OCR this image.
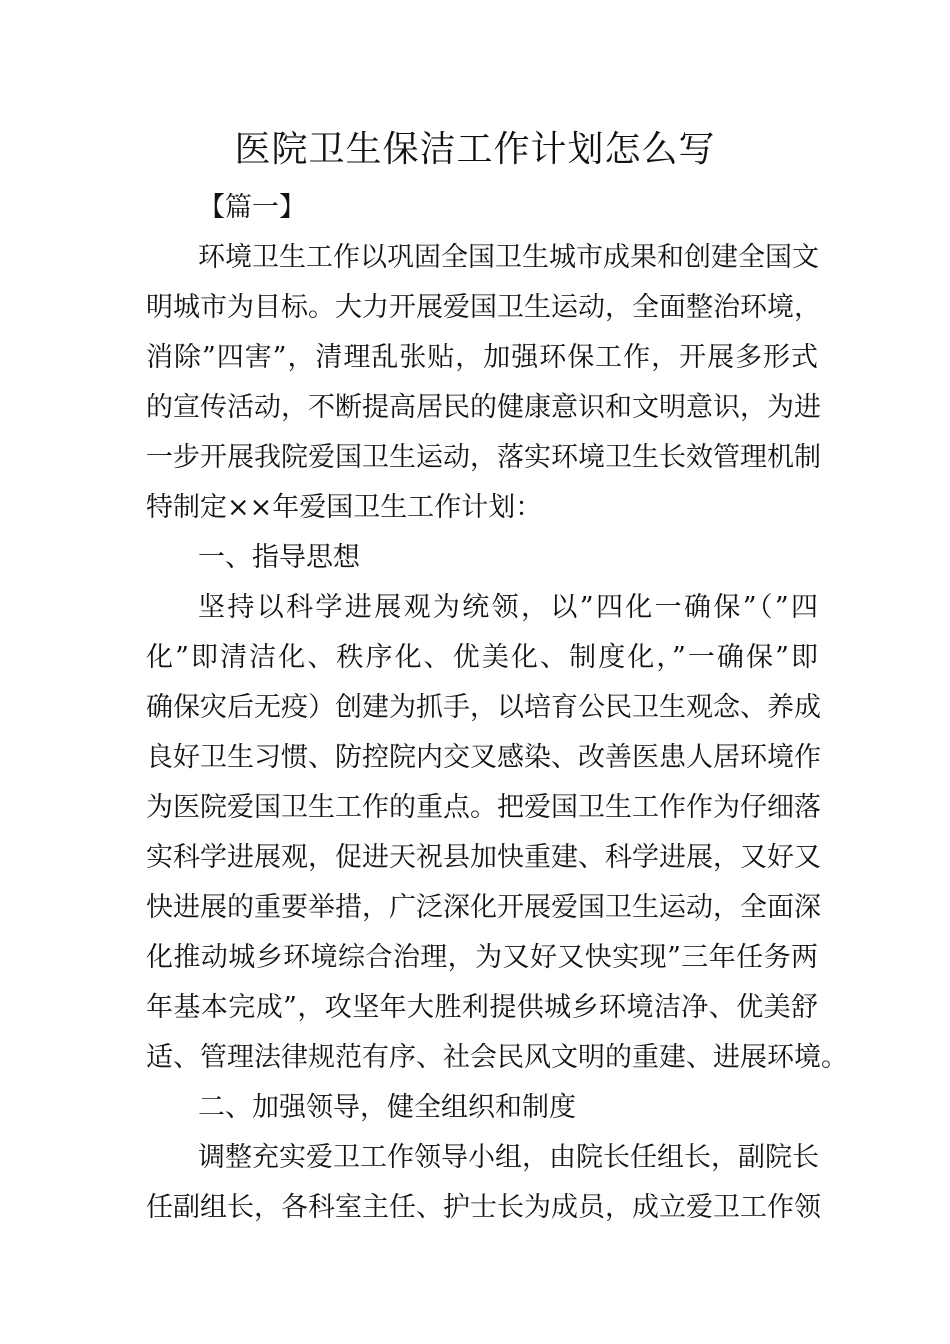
医院卫生保洁工作计划怎么写
【篇一】
环境卫生工作以巩固全国卫生城市成果和创建全国文
明城市为目标。大力开展爱国卫生运动，全面整治环境，
消除”四害”，清理乱张贴，加强环保工作，开展多形式
的宣传活动，不断提高居民的健康意识和文明意识，为进
一步开展我院爱国卫生运动，落实环境卫生长效管理机制
特制定××年爱国卫生工作计划：
一、指导思想
坚持以科学进展观为统领，以”四化一确保”（”四
化”即清洁化、秩序化、优美化、制度化，”一确保”即
确保灾后无疫）创建为抓手，以培育公民卫生观念、养成
良好卫生习惯、防控院内交叉感染、改善医患人居环境作
为医院爱国卫生工作的重点。把爱国卫生工作作为仔细落
实科学进展观，促进天祝县加快重建、科学进展，又好又
快进展的重要举措，广泛深化开展爱国卫生运动，全面深
化推动城乡环境综合治理，为又好又快实现”三年任务两
年基本完成”，攻坚年大胜利提供城乡环境洁净、优美舒
适、管理法律规范有序、社会民风文明的重建、进展环境。
二、加强领导，健全组织和制度
调整充实爱卫工作领导小组，由院长任组长，副院长
任副组长，各科室主任、护士长为成员，成立爱卫工作领
